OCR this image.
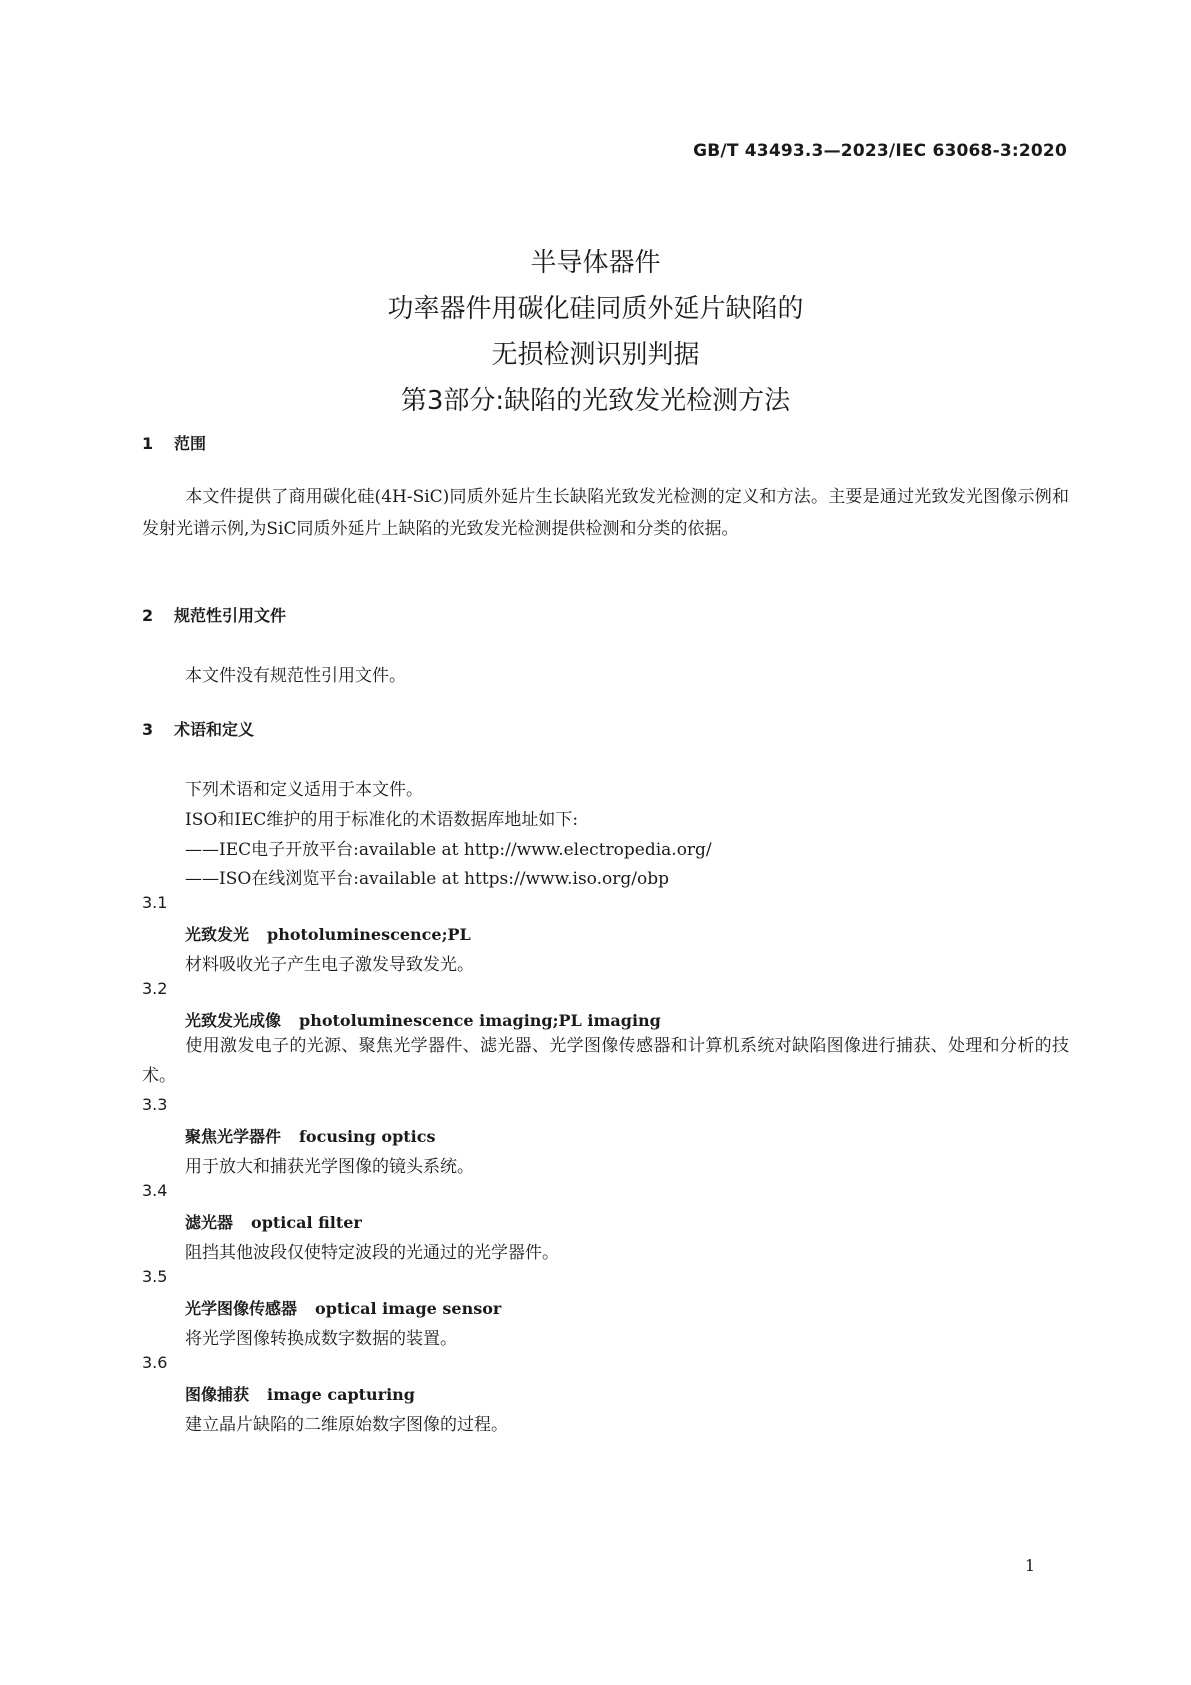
GB/T 43493.3—2023/IEC 63068-3:2020
半导体器件
功率器件用碳化硅同质外延片缺陷的
无损检测识别判据
第3部分:缺陷的光致发光检测方法
1 范围
本文件提供了商用碳化硅(4H-SiC)同质外延片生长缺陷光致发光检测的定义和方法。主要是通过光致发光图像示例和发射光谱示例,为SiC同质外延片上缺陷的光致发光检测提供检测和分类的依据。
2 规范性引用文件
本文件没有规范性引用文件。
3 术语和定义
下列术语和定义适用于本文件。
ISO和IEC维护的用于标准化的术语数据库地址如下:
——IEC电子开放平台:available at http://www.electropedia.org/
——ISO在线浏览平台:available at https://www.iso.org/obp
3.1
光致发光 photoluminescence;PL
材料吸收光子产生电子激发导致发光。
3.2
光致发光成像 photoluminescence imaging;PL imaging
使用激发电子的光源、聚焦光学器件、滤光器、光学图像传感器和计算机系统对缺陷图像进行捕获、处理和分析的技术。
3.3
聚焦光学器件 focusing optics
用于放大和捕获光学图像的镜头系统。
3.4
滤光器 optical filter
阻挡其他波段仅使特定波段的光通过的光学器件。
3.5
光学图像传感器 optical image sensor
将光学图像转换成数字数据的装置。
3.6
图像捕获 image capturing
建立晶片缺陷的二维原始数字图像的过程。
1
